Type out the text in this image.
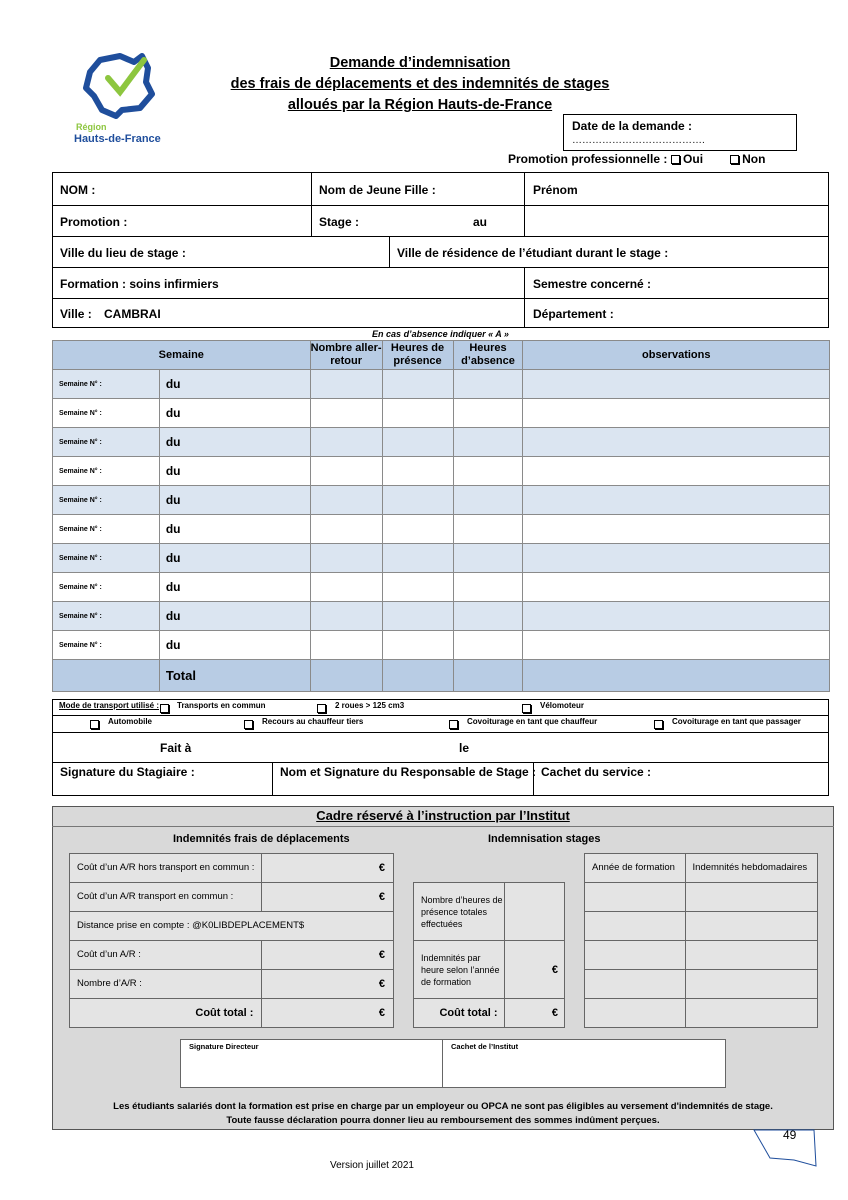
Région
Hauts-de-France
Demande d’indemnisation
des frais de déplacements et des indemnités de stages
alloués par la Région Hauts-de-France
Date de la demande :
………………………………….
Promotion professionnelle : Oui	Non
NOM :	Nom de Jeune Fille :	Prénom
Promotion :	Stage :	au
Ville du lieu de stage :	Ville de résidence de l’étudiant durant le stage :
Formation : soins infirmiers	Semestre concerné :
Ville : CAMBRAI	Département :
En cas d’absence indiquer « A »
Semaine		Nombre aller-retour	Heures de présence	Heures d’absence	observations
Semaine N° :	du				
Semaine N° :	du				
Semaine N° :	du				
Semaine N° :	du				
Semaine N° :	du				
Semaine N° :	du				
Semaine N° :	du				
Semaine N° :	du				
Semaine N° :	du				
Semaine N° :	du				
	Total				
Mode de transport utilisé : Transports en commun	2 roues > 125 cm3	Vélomoteur
Automobile	Recours au chauffeur tiers	Covoiturage en tant que chauffeur	Covoiturage en tant que passager
Fait à	le
Signature du Stagiaire :	Nom et Signature du Responsable de Stage : Cachet du service :
Cadre réservé à l’instruction par l’Institut
Indemnités frais de déplacements	Indemnisation stages
Coût d’un A/R hors transport en commun :	€
Coût d’un A/R transport en commun :	€
Distance prise en compte : @K0LIBDEPLACEMENT$	
Coût d’un A/R :	€
Nombre d’A/R :	€
Coût total :	€
Nombre d’heures de présence totales effectuées	
Indemnités par heure selon l’année de formation	€
Coût total :	€
Année de formation	Indemnités hebdomadaires

Signature Directeur	Cachet de l’Institut
Les étudiants salariés dont la formation est prise en charge par un employeur ou OPCA ne sont pas éligibles au versement d'indemnités de stage.
Toute fausse déclaration pourra donner lieu au remboursement des sommes indûment perçues.
49
Version juillet 2021
